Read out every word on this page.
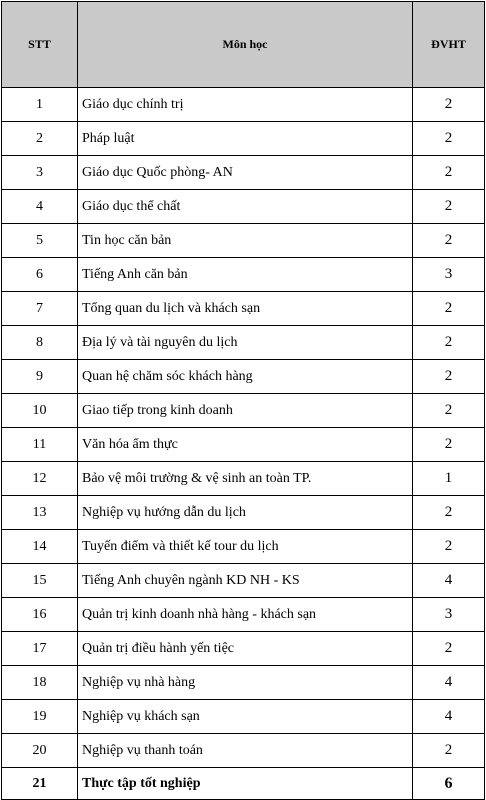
STT	Môn học	ĐVHT
1	Giáo dục chính trị	2
2	Pháp luật	2
3	Giáo dục Quốc phòng- AN	2
4	Giáo dục thể chất	2
5	Tin học căn bản	2
6	Tiếng Anh căn bản	3
7	Tổng quan du lịch và khách sạn	2
8	Địa lý và tài nguyên du lịch	2
9	Quan hệ chăm sóc khách hàng	2
10	Giao tiếp trong kinh doanh	2
11	Văn hóa ẩm thực	2
12	Bảo vệ môi trường & vệ sinh an toàn TP.	1
13	Nghiệp vụ hướng dẫn du lịch	2
14	Tuyến điểm và thiết kế tour du lịch	2
15	Tiếng Anh chuyên ngành KD NH - KS	4
16	Quản trị kinh doanh nhà hàng - khách sạn	3
17	Quản trị điều hành yến tiệc	2
18	Nghiệp vụ nhà hàng	4
19	Nghiệp vụ khách sạn	4
20	Nghiệp vụ thanh toán	2
21	Thực tập tốt nghiệp	6
